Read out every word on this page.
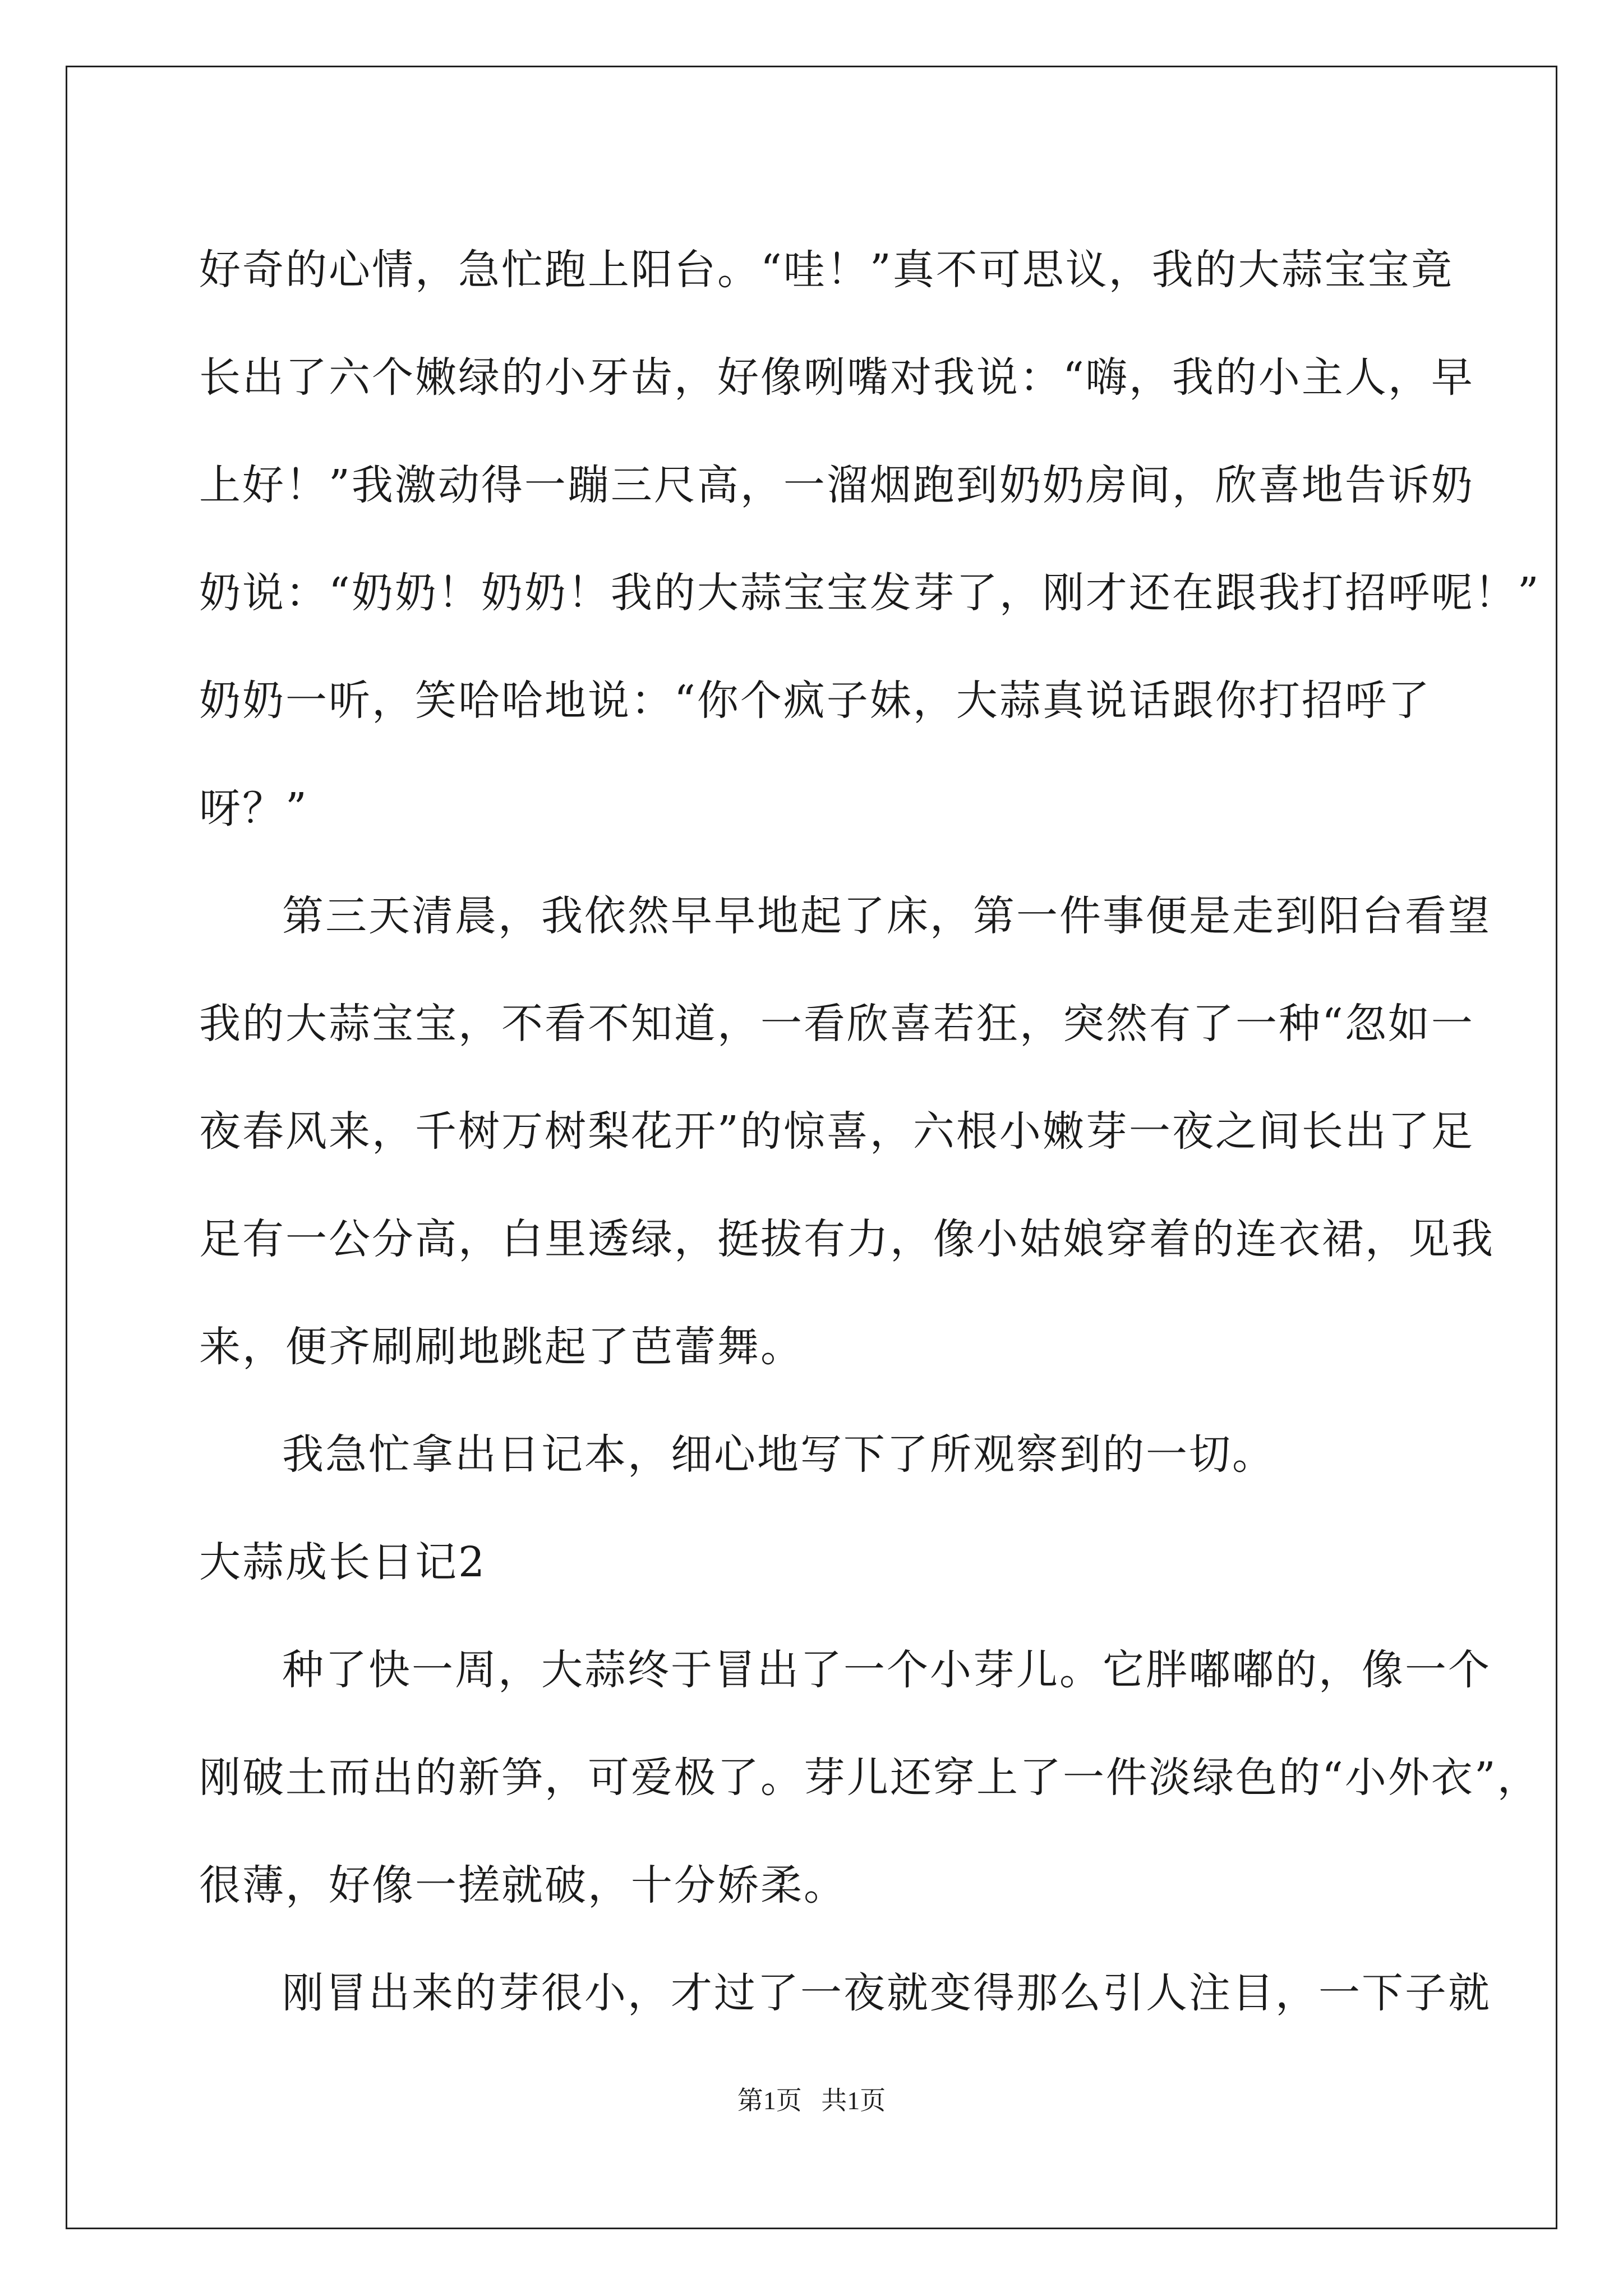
好奇的心情，急忙跑上阳台。“哇！”真不可思议，我的大蒜宝宝竟
长出了六个嫩绿的小牙齿，好像咧嘴对我说：“嗨，我的小主人，早
上好！”我激动得一蹦三尺高，一溜烟跑到奶奶房间，欣喜地告诉奶
奶说：“奶奶！奶奶！我的大蒜宝宝发芽了，刚才还在跟我打招呼呢！”
奶奶一听，笑哈哈地说：“你个疯子妹，大蒜真说话跟你打招呼了
呀？”
第三天清晨，我依然早早地起了床，第一件事便是走到阳台看望
我的大蒜宝宝，不看不知道，一看欣喜若狂，突然有了一种“忽如一
夜春风来，千树万树梨花开”的惊喜，六根小嫩芽一夜之间长出了足
足有一公分高，白里透绿，挺拔有力，像小姑娘穿着的连衣裙，见我
来，便齐刷刷地跳起了芭蕾舞。
我急忙拿出日记本，细心地写下了所观察到的一切。
大蒜成长日记2
种了快一周，大蒜终于冒出了一个小芽儿。它胖嘟嘟的，像一个
刚破土而出的新笋，可爱极了。芽儿还穿上了一件淡绿色的“小外衣”，
很薄，好像一搓就破，十分娇柔。
刚冒出来的芽很小，才过了一夜就变得那么引人注目，一下子就
第1页   共1页
